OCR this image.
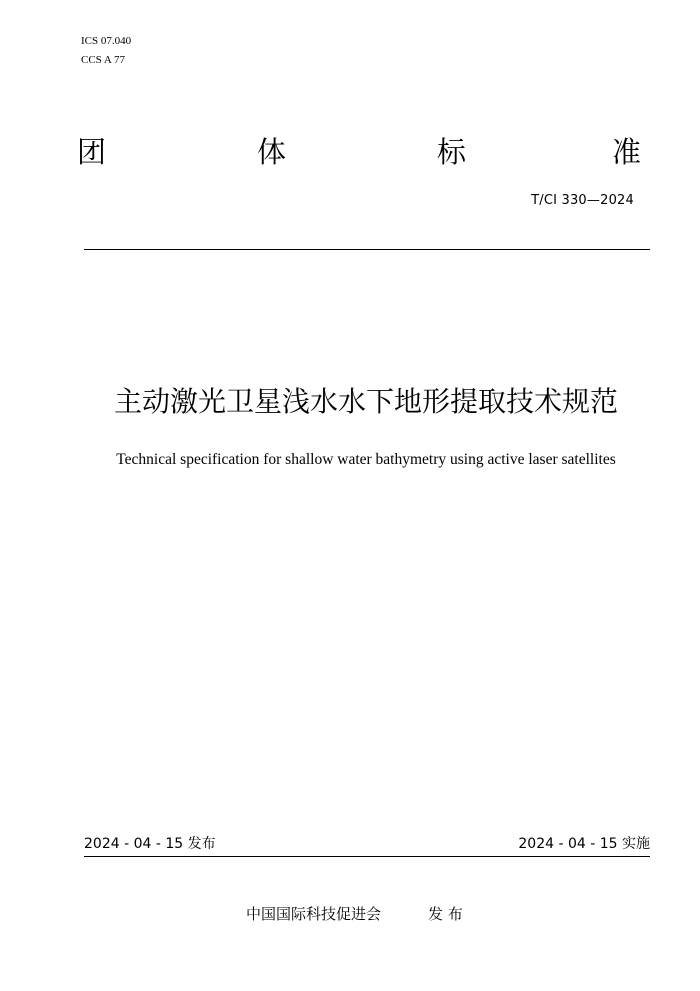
ICS 07.040
CCS A 77
团	体	标	准
T/CI 330—2024
主动激光卫星浅水水下地形提取技术规范
Technical specification for shallow water bathymetry using active laser satellites
2024 - 04 - 15 发布	2024 - 04 - 15 实施
中国国际科技促进会	发 布
